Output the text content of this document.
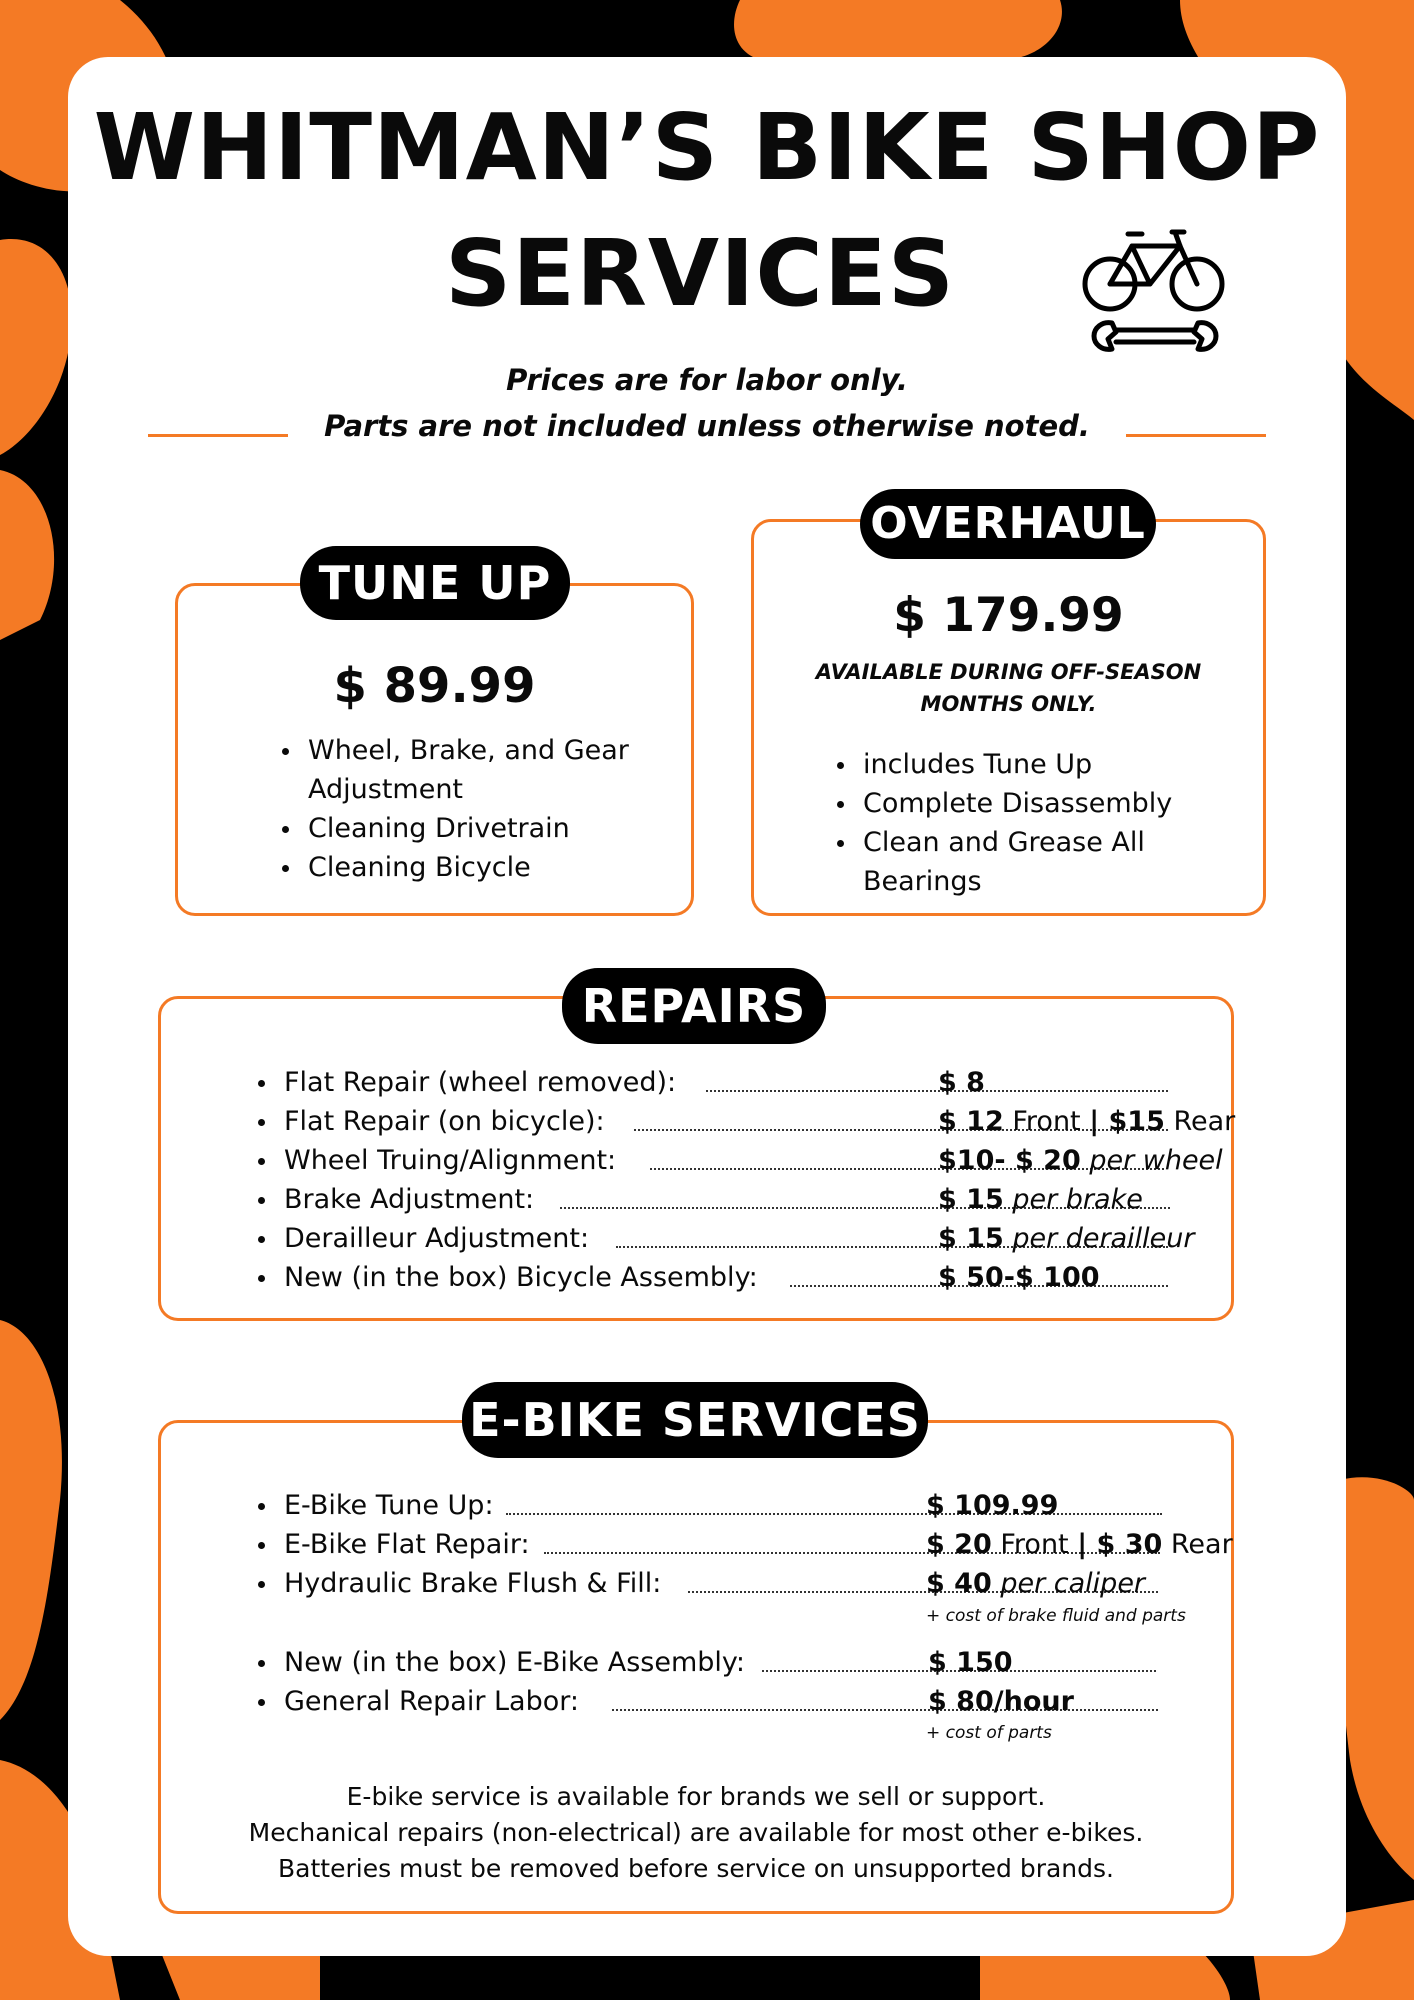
WHITMAN’S BIKE SHOP
SERVICES
Prices are for labor only.
Parts are not included unless otherwise noted.
TUNE UP
$ 89.99
Wheel, Brake, and Gear Adjustment
Cleaning Drivetrain
Cleaning Bicycle
OVERHAUL
$ 179.99
AVAILABLE DURING OFF-SEASON
MONTHS ONLY.
includes Tune Up
Complete Disassembly
Clean and Grease All Bearings
REPAIRS
Flat Repair (wheel removed):	$ 8
Flat Repair (on bicycle):	$ 12 Front | $15 Rear
Wheel Truing/Alignment:	$10- $ 20 per wheel
Brake Adjustment:	$ 15 per brake
Derailleur Adjustment:	$ 15 per derailleur
New (in the box) Bicycle Assembly:	$ 50-$ 100
E-BIKE SERVICES
E-Bike Tune Up:	$ 109.99
E-Bike Flat Repair:	$ 20 Front | $ 30 Rear
Hydraulic Brake Flush & Fill:	$ 40 per caliper
+ cost of brake fluid and parts
New (in the box) E-Bike Assembly:	$ 150
General Repair Labor:	$ 80/hour
+ cost of parts
E-bike service is available for brands we sell or support.
Mechanical repairs (non-electrical) are available for most other e-bikes.
Batteries must be removed before service on unsupported brands.
